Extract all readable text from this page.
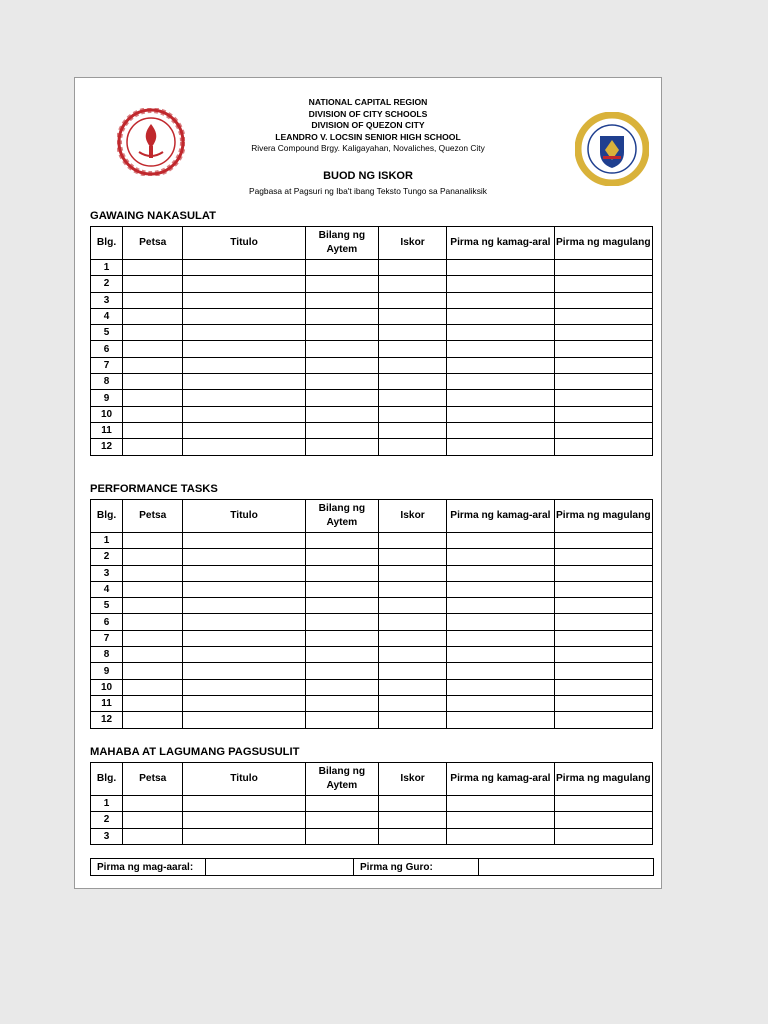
NATIONAL CAPITAL REGION
DIVISION OF CITY SCHOOLS
DIVISION OF QUEZON CITY
LEANDRO V. LOCSIN SENIOR HIGH SCHOOL
Rivera Compound Brgy. Kaligayahan, Novaliches, Quezon City
BUOD NG ISKOR
Pagbasa at Pagsuri ng Iba't ibang Teksto Tungo sa Pananaliksik
GAWAING NAKASULAT
Blg.	Petsa	Titulo	Bilang ng Aytem	Iskor	Pirma ng kamag-aral	Pirma ng magulang
1						
2						
3						
4						
5						
6						
7						
8						
9						
10						
11						
12						
PERFORMANCE TASKS
Blg.	Petsa	Titulo	Bilang ng Aytem	Iskor	Pirma ng kamag-aral	Pirma ng magulang
1						
2						
3						
4						
5						
6						
7						
8						
9						
10						
11						
12						
MAHABA AT LAGUMANG PAGSUSULIT
Blg.	Petsa	Titulo	Bilang ng Aytem	Iskor	Pirma ng kamag-aral	Pirma ng magulang
1						
2						
3						
Pirma ng mag-aaral:		Pirma ng Guro:	
